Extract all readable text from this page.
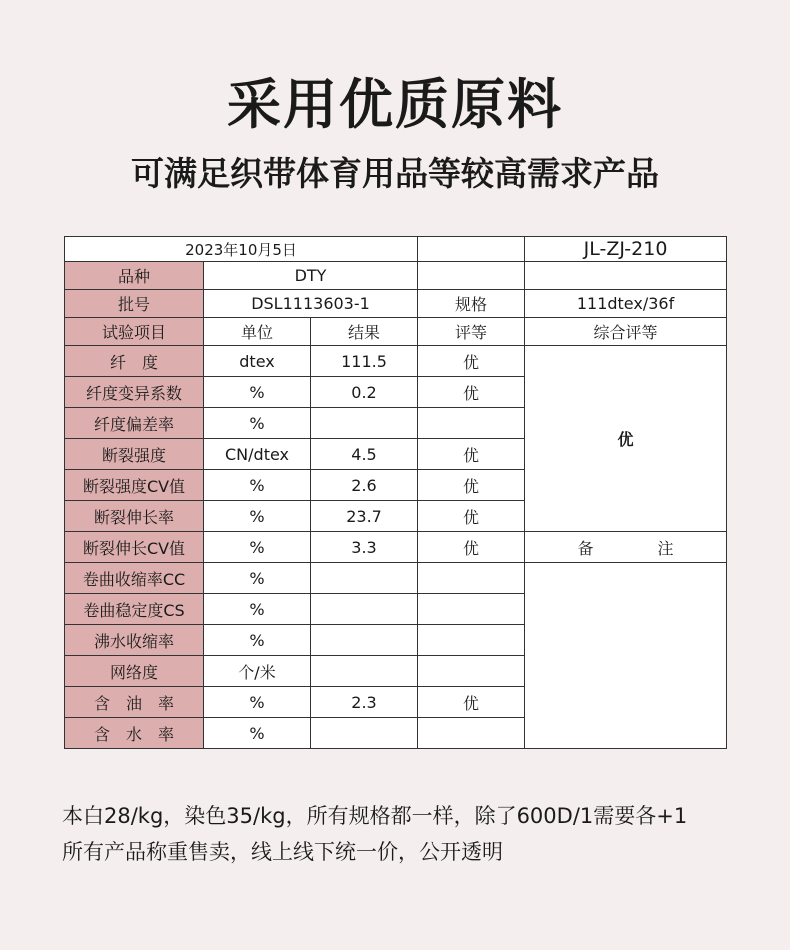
采用优质原料
可满足织带体育用品等较高需求产品
2023年10月5日				JL-ZJ-210
品种	DTY			
批号	DSL1113603-1		规格	111dtex/36f
试验项目	单位	结果	评等	综合评等
纤　度	dtex	111.5	优	优
纤度变异系数	%	0.2	优	
纤度偏差率	%			
断裂强度	CN/dtex	4.5	优	
断裂强度CV值	%	2.6	优	
断裂伸长率	%	23.7	优	
断裂伸长CV值	%	3.3	优	备 注
卷曲收缩率CC	%			
卷曲稳定度CS	%			
沸水收缩率	%			
网络度	个/米			
含　油　率	%	2.3	优	
含　水　率	%			
本白28/kg，染色35/kg，所有规格都一样，除了600D/1需要各+1
所有产品称重售卖，线上线下统一价，公开透明
